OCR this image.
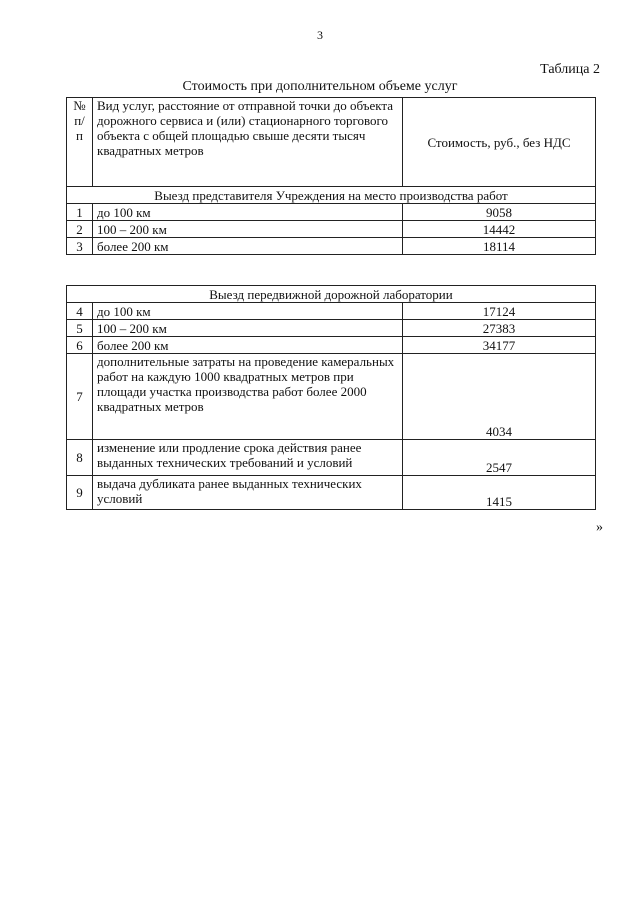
3
Таблица 2
Стоимость при дополнительном объеме услуг
№ п/п	Вид услуг, расстояние от отправной точки до объекта дорожного сервиса и (или) стационарного торгового объекта с общей площадью свыше десяти тысяч квадратных метров	Стоимость, руб., без НДС
Выезд представителя Учреждения на место производства работ		
1	до 100 км	9058
2	100 – 200 км	14442
3	более 200 км	18114
Выезд передвижной дорожной лаборатории		
4	до 100 км	17124
5	100 – 200 км	27383
6	более 200 км	34177
7	дополнительные затраты на проведение камеральных работ на каждую 1000 квадратных метров при площади участка производства работ более 2000 квадратных метров	4034
8	изменение или продление срока действия ранее выданных технических требований и условий	2547
9	выдача дубликата ранее выданных технических условий	1415
»
